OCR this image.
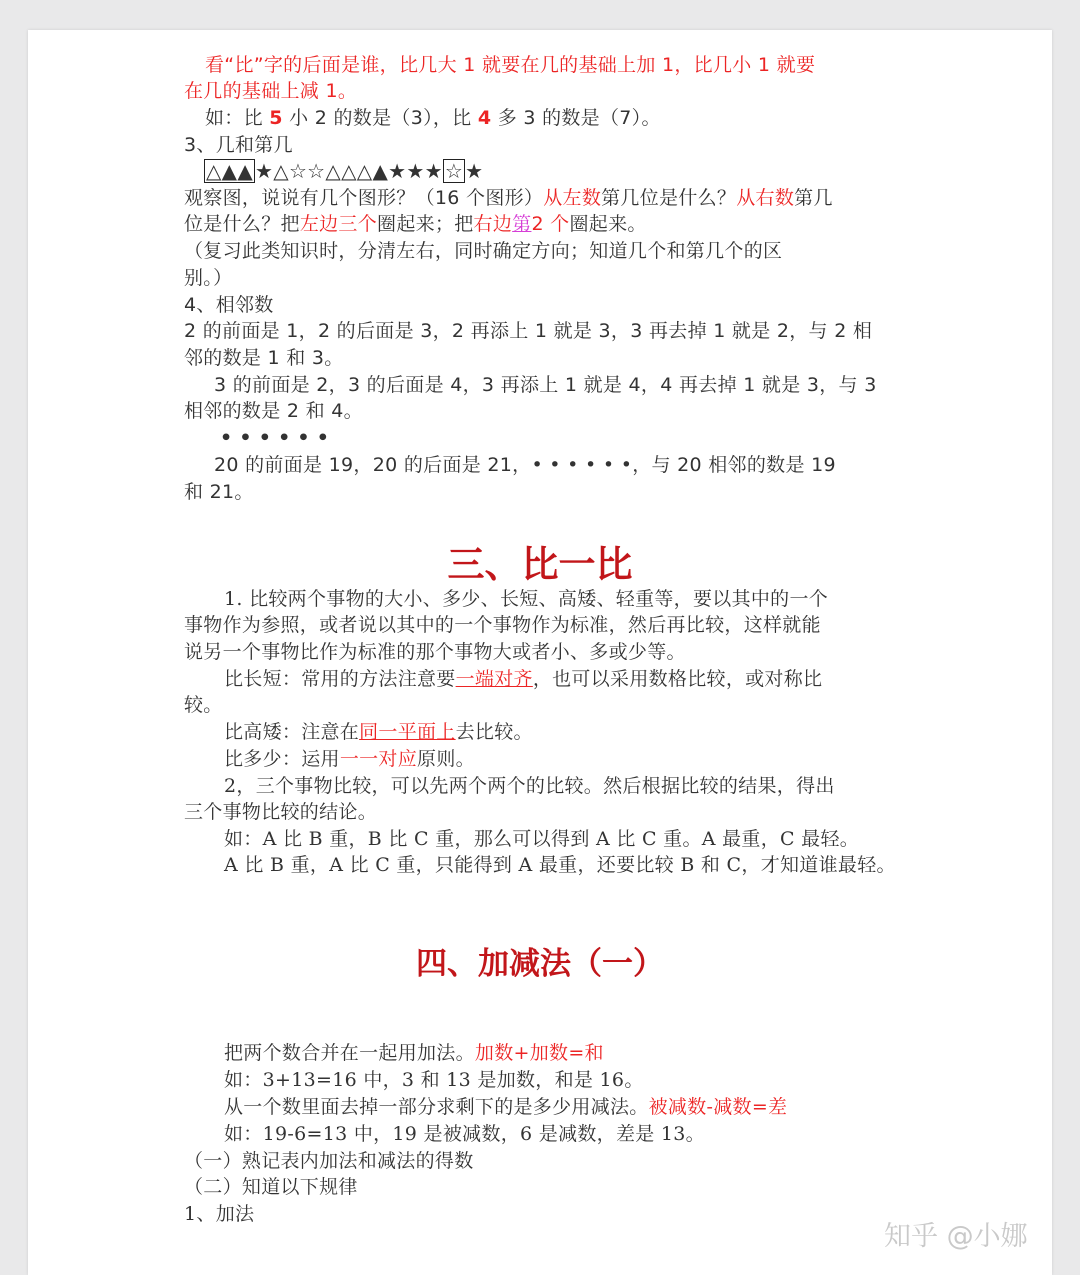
看“比”字的后面是谁，比几大 1 就要在几的基础上加 1，比几小 1 就要
在几的基础上减 1。
如：比 5 小 2 的数是（3），比 4 多 3 的数是（7）。
3、几和第几
△▲▲ ★△☆☆△△△▲★★★ ☆ ★
观察图，说说有几个图形？（16 个图形）从左数第几位是什么？从右数第几
位是什么？把左边三个圈起来；把右边第2 个圈起来。
（复习此类知识时，分清左右，同时确定方向；知道几个和第几个的区
别。）
4、相邻数
2 的前面是 1，2 的后面是 3，2 再添上 1 就是 3，3 再去掉 1 就是 2，与 2 相
邻的数是 1 和 3。
3 的前面是 2，3 的后面是 4，3 再添上 1 就是 4，4 再去掉 1 就是 3，与 3
相邻的数是 2 和 4。
• • • • • •
20 的前面是 19，20 的后面是 21，• • • • • •，与 20 相邻的数是 19
和 21。
三、比一比
1. 比较两个事物的大小、多少、长短、高矮、轻重等，要以其中的一个
事物作为参照，或者说以其中的一个事物作为标准，然后再比较，这样就能
说另一个事物比作为标准的那个事物大或者小、多或少等。
比长短：常用的方法注意要一端对齐，也可以采用数格比较，或对称比
较。
比高矮：注意在同一平面上去比较。
比多少：运用一一对应原则。
2，三个事物比较，可以先两个两个的比较。然后根据比较的结果，得出
三个事物比较的结论。
如：A 比 B 重，B 比 C 重，那么可以得到 A 比 C 重。A 最重，C 最轻。
A 比 B 重，A 比 C 重，只能得到 A 最重，还要比较 B 和 C，才知道谁最轻。
四、加减法（一）
把两个数合并在一起用加法。加数+加数=和
如：3+13=16 中，3 和 13 是加数，和是 16。
从一个数里面去掉一部分求剩下的是多少用减法。被减数-减数=差
如：19-6=13 中，19 是被减数，6 是减数，差是 13。
（一）熟记表内加法和减法的得数
（二）知道以下规律
1、加法
知乎 @小娜
